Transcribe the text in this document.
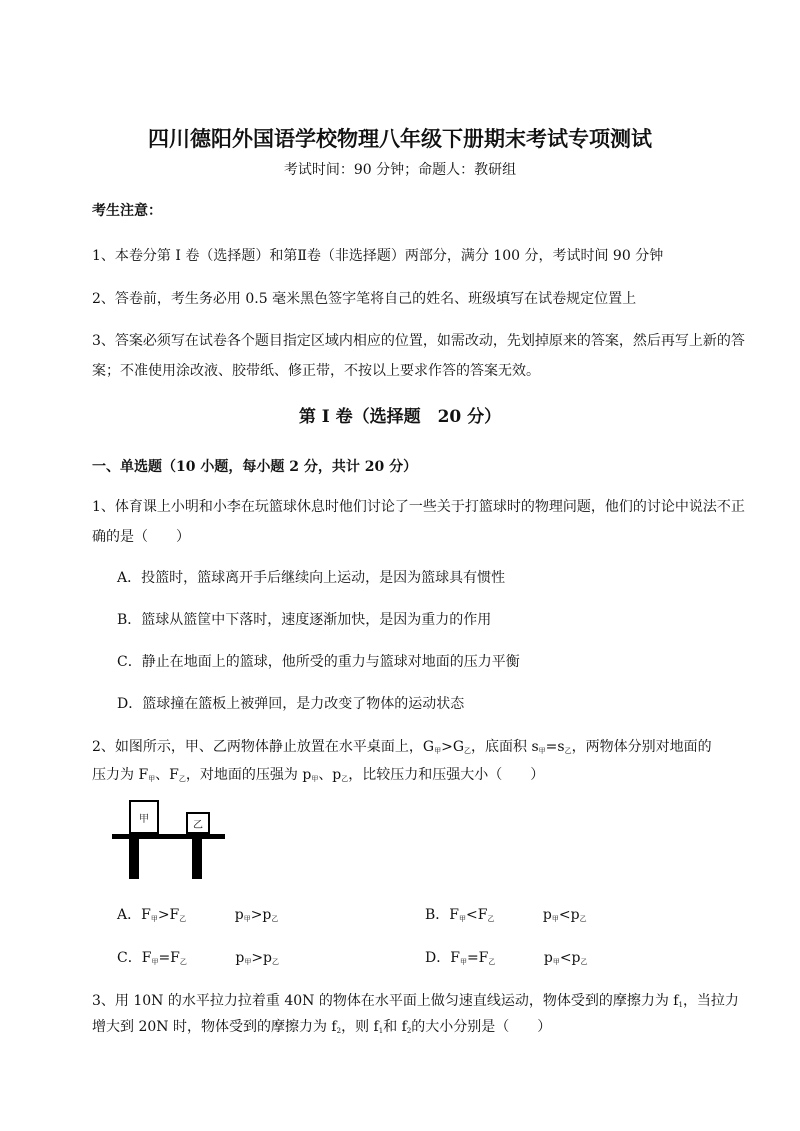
四川德阳外国语学校物理八年级下册期末考试专项测试
考试时间：90 分钟；命题人：教研组
考生注意：
1、本卷分第 I 卷（选择题）和第Ⅱ卷（非选择题）两部分，满分 100 分，考试时间 90 分钟
2、答卷前，考生务必用 0.5 毫米黑色签字笔将自己的姓名、班级填写在试卷规定位置上
3、答案必须写在试卷各个题目指定区域内相应的位置，如需改动，先划掉原来的答案，然后再写上新的答案；不准使用涂改液、胶带纸、修正带，不按以上要求作答的答案无效。
第 I 卷（选择题　20 分）
一、单选题（10 小题，每小题 2 分，共计 20 分）
1、体育课上小明和小李在玩篮球休息时他们讨论了一些关于打篮球时的物理问题，他们的讨论中说法不正确的是（　　）
A．投篮时，篮球离开手后继续向上运动，是因为篮球具有惯性
B．篮球从篮筐中下落时，速度逐渐加快，是因为重力的作用
C．静止在地面上的篮球，他所受的重力与篮球对地面的压力平衡
D．篮球撞在篮板上被弹回，是力改变了物体的运动状态
2、如图所示，甲、乙两物体静止放置在水平桌面上，$G_甲>G_乙$，底面积 $s_甲=s_乙$，两物体分别对地面的
压力为 $F_甲$、$F_乙$，对地面的压强为 $p_甲$、$p_乙$，比较压力和压强大小（　　）
甲
乙
A．$F_甲>F_乙$	$p_甲>p_乙$	B．$F_甲<F_乙$	$p_甲<p_乙$
C．$F_甲=F_乙$	$p_甲>p_乙$	D．$F_甲=F_乙$	$p_甲<p_乙$
3、用 10N 的水平拉力拉着重 40N 的物体在水平面上做匀速直线运动，物体受到的摩擦力为 $f_1$，当拉力
增大到 20N 时，物体受到的摩擦力为 $f_2$，则 $f_1$和 $f_2$的大小分别是（　　）
